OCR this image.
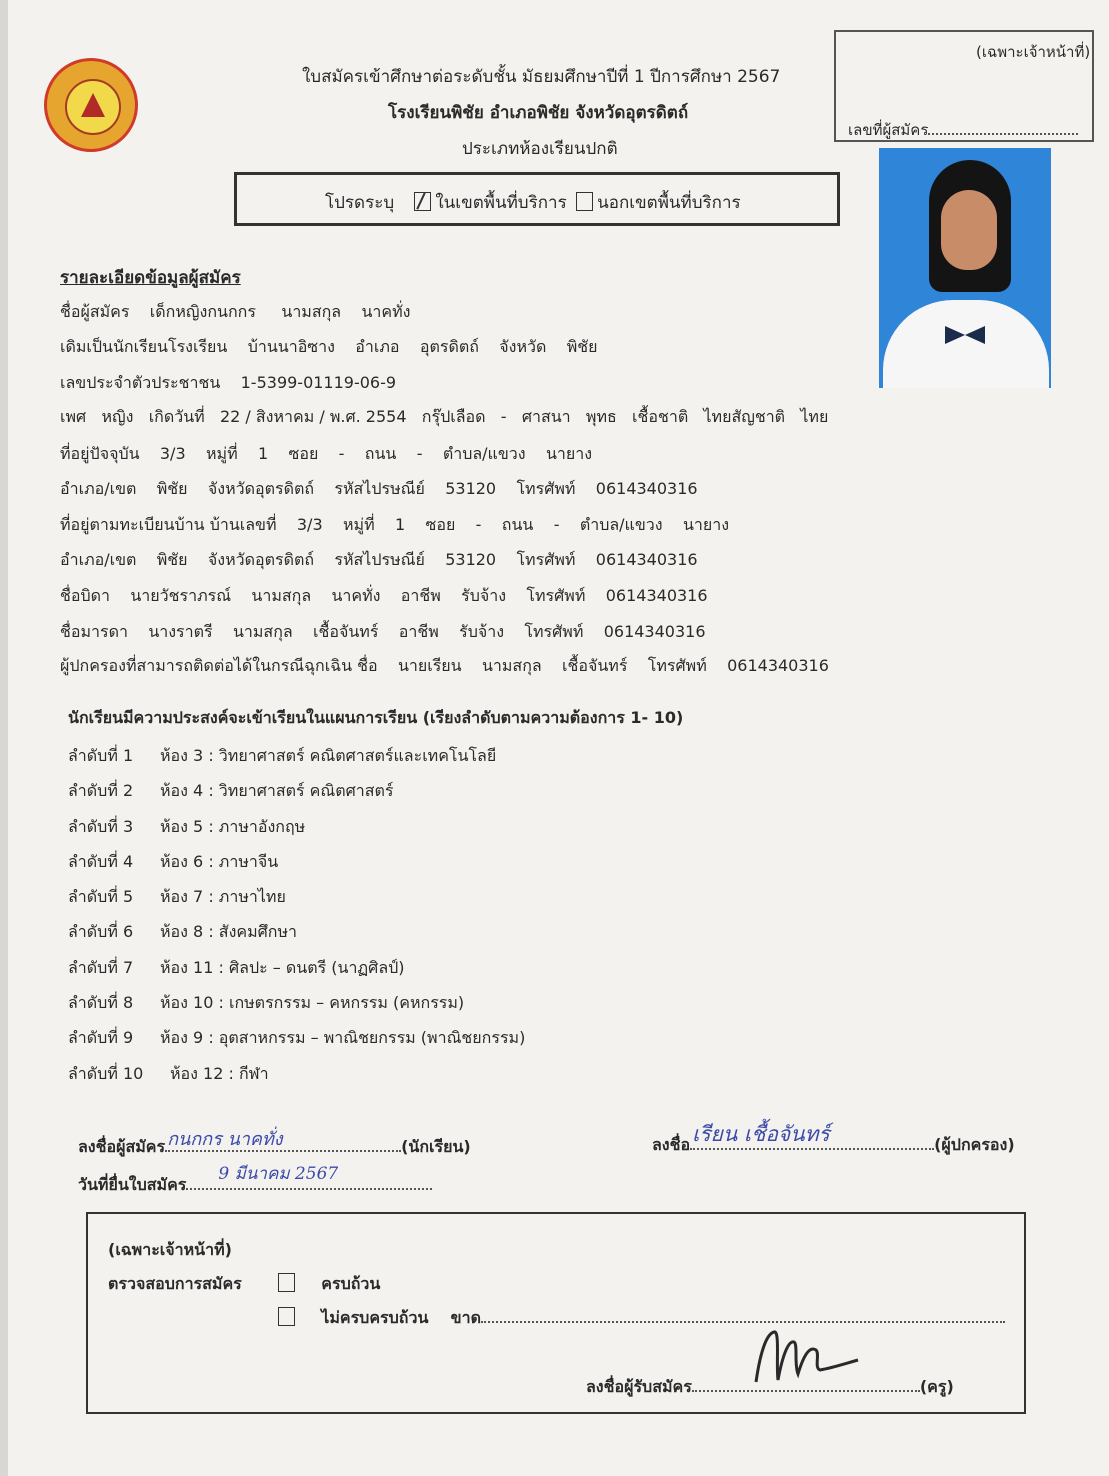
ใบสมัครเข้าศึกษาต่อระดับชั้น มัธยมศึกษาปีที่ 1 ปีการศึกษา 2567
โรงเรียนพิชัย อำเภอพิชัย จังหวัดอุตรดิตถ์
ประเภทห้องเรียนปกติ
(เฉพาะเจ้าหน้าที่)
เลขที่ผู้สมัคร
โปรดระบุ ในเขตพื้นที่บริการ นอกเขตพื้นที่บริการ
รายละเอียดข้อมูลผู้สมัคร
ชื่อผู้สมัคร เด็กหญิงกนกกร นามสกุล นาคทั่ง
เดิมเป็นนักเรียนโรงเรียน บ้านนาอิซาง อำเภอ อุตรดิตถ์ จังหวัด พิชัย
เลขประจำตัวประชาชน 1-5399-01119-06-9
เพศ หญิง เกิดวันที่ 22 / สิงหาคม / พ.ศ. 2554 กรุ๊ปเลือด - ศาสนา พุทธ เชื้อชาติ ไทยสัญชาติ ไทย
ที่อยู่ปัจจุบัน 3/3 หมู่ที่ 1 ซอย - ถนน - ตำบล/แขวง นายาง
อำเภอ/เขต พิชัย จังหวัดอุตรดิตถ์ รหัสไปรษณีย์ 53120 โทรศัพท์ 0614340316
ที่อยู่ตามทะเบียนบ้าน บ้านเลขที่ 3/3 หมู่ที่ 1 ซอย - ถนน - ตำบล/แขวง นายาง
อำเภอ/เขต พิชัย จังหวัดอุตรดิตถ์ รหัสไปรษณีย์ 53120 โทรศัพท์ 0614340316
ชื่อบิดา นายวัชราภรณ์ นามสกุล นาคทั่ง อาชีพ รับจ้าง โทรศัพท์ 0614340316
ชื่อมารดา นางราตรี นามสกุล เชื้อจันทร์ อาชีพ รับจ้าง โทรศัพท์ 0614340316
ผู้ปกครองที่สามารถติดต่อได้ในกรณีฉุกเฉิน ชื่อ นายเรียน นามสกุล เชื้อจันทร์ โทรศัพท์ 0614340316
นักเรียนมีความประสงค์จะเข้าเรียนในแผนการเรียน (เรียงลำดับตามความต้องการ 1- 10)
ลำดับที่ 1 ห้อง 3 : วิทยาศาสตร์ คณิตศาสตร์และเทคโนโลยี
ลำดับที่ 2 ห้อง 4 : วิทยาศาสตร์ คณิตศาสตร์
ลำดับที่ 3 ห้อง 5 : ภาษาอังกฤษ
ลำดับที่ 4 ห้อง 6 : ภาษาจีน
ลำดับที่ 5 ห้อง 7 : ภาษาไทย
ลำดับที่ 6 ห้อง 8 : สังคมศึกษา
ลำดับที่ 7 ห้อง 11 : ศิลปะ – ดนตรี (นาฏศิลป์)
ลำดับที่ 8 ห้อง 10 : เกษตรกรรม – คหกรรม (คหกรรม)
ลำดับที่ 9 ห้อง 9 : อุตสาหกรรม – พาณิชยกรรม (พาณิชยกรรม)
ลำดับที่ 10 ห้อง 12 : กีฬา
ลงชื่อผู้สมัคร กนกกร นาคทั่ง	(นักเรียน)	ลงชื่อ เรียน เชื้อจันทร์	(ผู้ปกครอง)
วันที่ยื่นใบสมัคร
9 มีนาคม 2567
(เฉพาะเจ้าหน้าที่)
ตรวจสอบการสมัคร	ครบถ้วน
ไม่ครบครบถ้วน ขาด
ลงชื่อผู้รับสมัคร	(ครู)
